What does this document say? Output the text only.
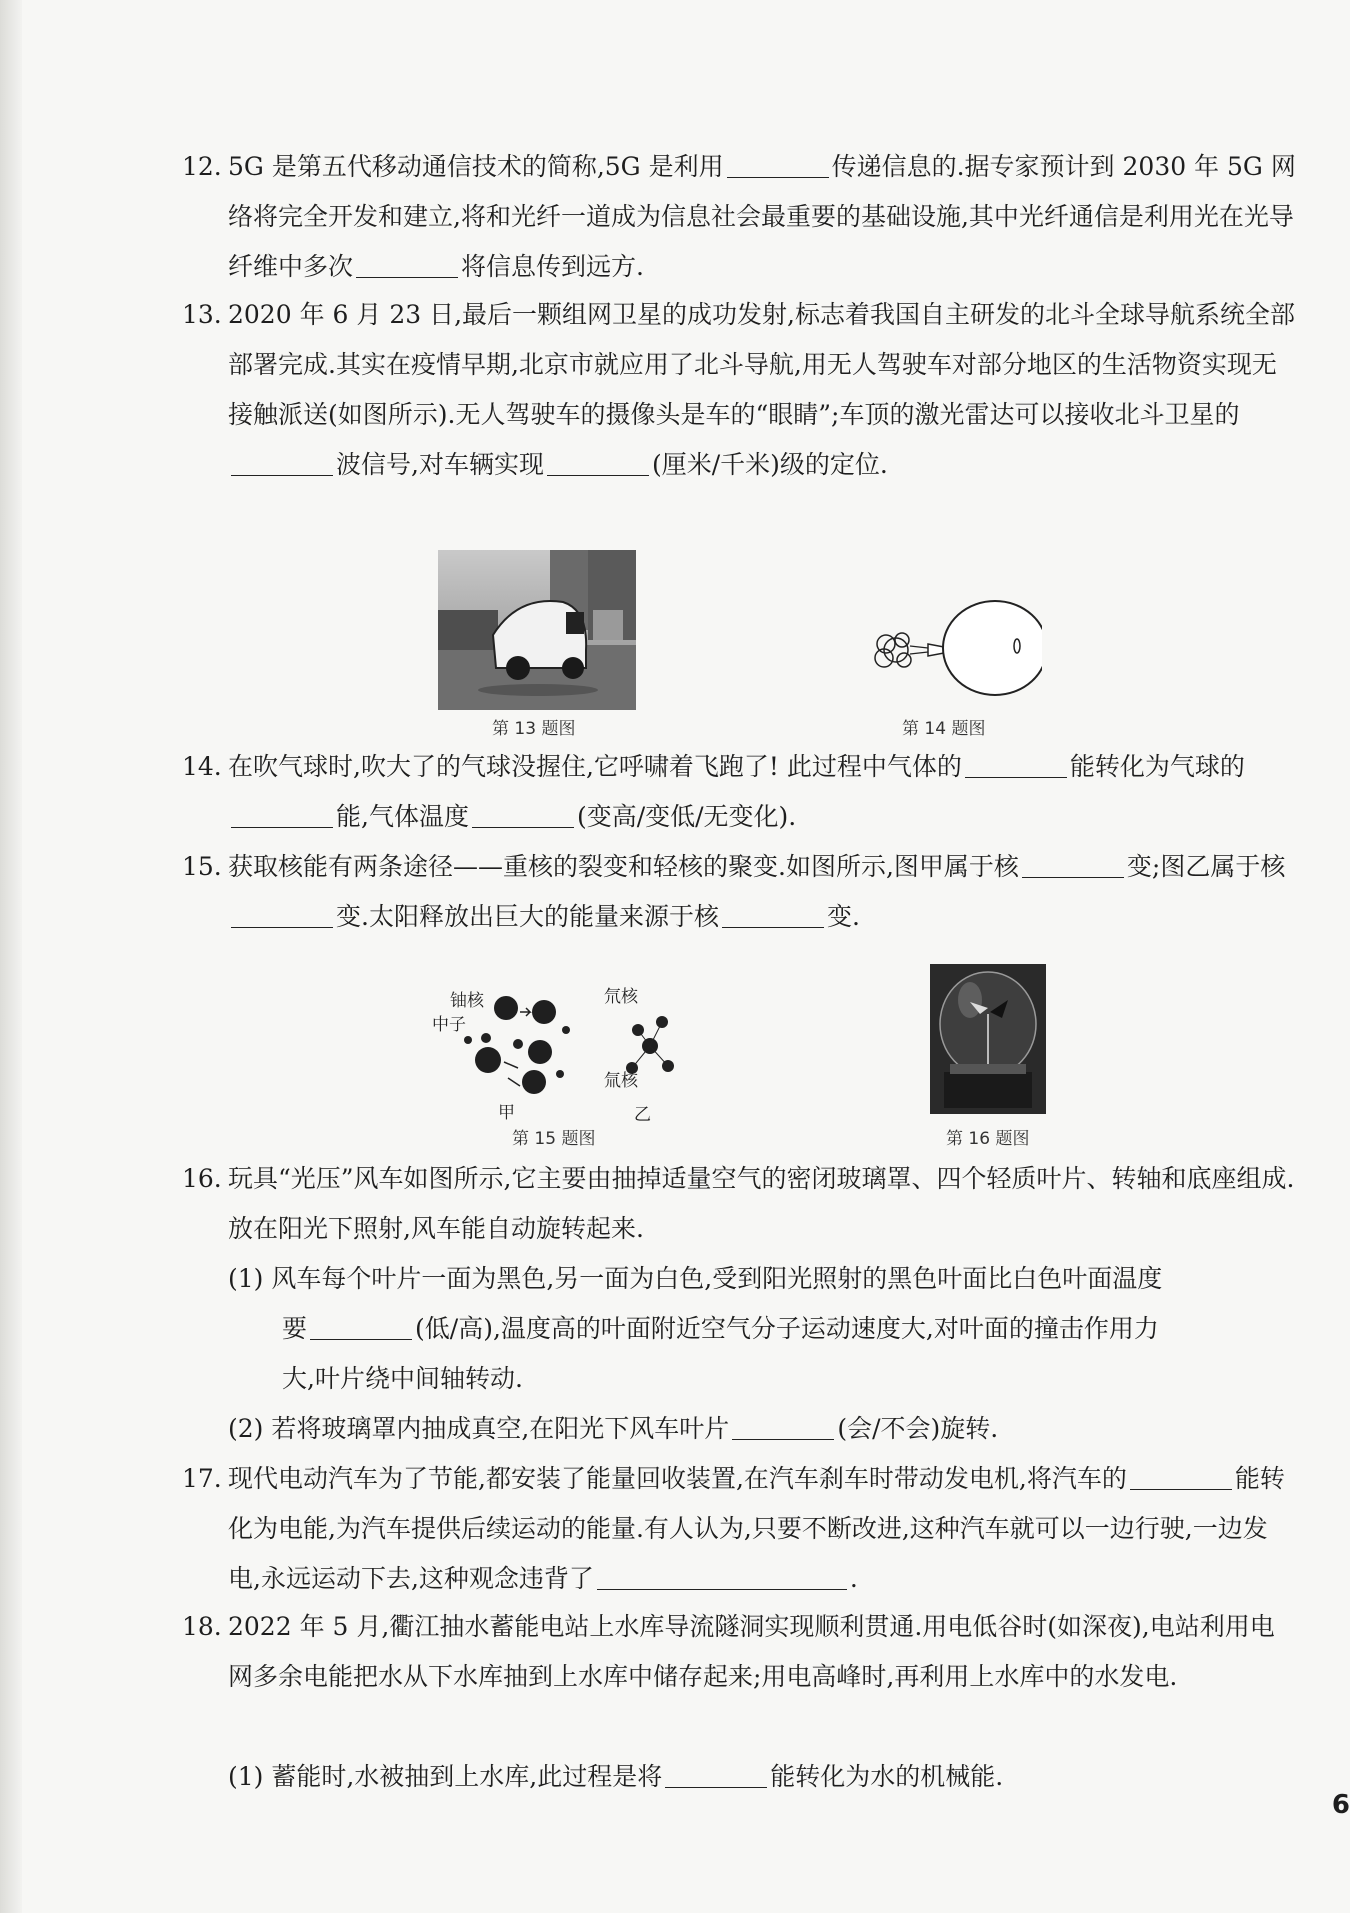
12. 5G 是第五代移动通信技术的简称,5G 是利用	传递信息的.据专家预计到 2030 年 5G 网络将完全开发和建立,将和光纤一道成为信息社会最重要的基础设施,其中光纤通信是利用光在光导纤维中多次	将信息传到远方.
13. 2020 年 6 月 23 日,最后一颗组网卫星的成功发射,标志着我国自主研发的北斗全球导航系统全部部署完成.其实在疫情早期,北京市就应用了北斗导航,用无人驾驶车对部分地区的生活物资实现无接触派送(如图所示).无人驾驶车的摄像头是车的“眼睛”;车顶的激光雷达可以接收北斗卫星的波信号,对车辆实现	(厘米/千米)级的定位.
第 13 题图	第 14 题图
14. 在吹气球时,吹大了的气球没握住,它呼啸着飞跑了! 此过程中气体的	能转化为气球的能,气体温度	(变高/变低/无变化).
15. 获取核能有两条途径——重核的裂变和轻核的聚变.如图所示,图甲属于核	变;图乙属于核变.太阳释放出巨大的能量来源于核	变.
铀核
中子
氘核
氚核
甲	乙
第 15 题图	第 16 题图
16. 玩具“光压”风车如图所示,它主要由抽掉适量空气的密闭玻璃罩、四个轻质叶片、转轴和底座组成.放在阳光下照射,风车能自动旋转起来.
(1) 风车每个叶片一面为黑色,另一面为白色,受到阳光照射的黑色叶面比白色叶面温度
要	(低/高),温度高的叶面附近空气分子运动速度大,对叶面的撞击作用力
大,叶片绕中间轴转动.
(2) 若将玻璃罩内抽成真空,在阳光下风车叶片	(会/不会)旋转.
17. 现代电动汽车为了节能,都安装了能量回收装置,在汽车刹车时带动发电机,将汽车的	能转化为电能,为汽车提供后续运动的能量.有人认为,只要不断改进,这种汽车就可以一边行驶,一边发电,永远运动下去,这种观念违背了	.
18. 2022 年 5 月,衢江抽水蓄能电站上水库导流隧洞实现顺利贯通.用电低谷时(如深夜),电站利用电网多余电能把水从下水库抽到上水库中储存起来;用电高峰时,再利用上水库中的水发电.
(1) 蓄能时,水被抽到上水库,此过程是将	能转化为水的机械能.
6
